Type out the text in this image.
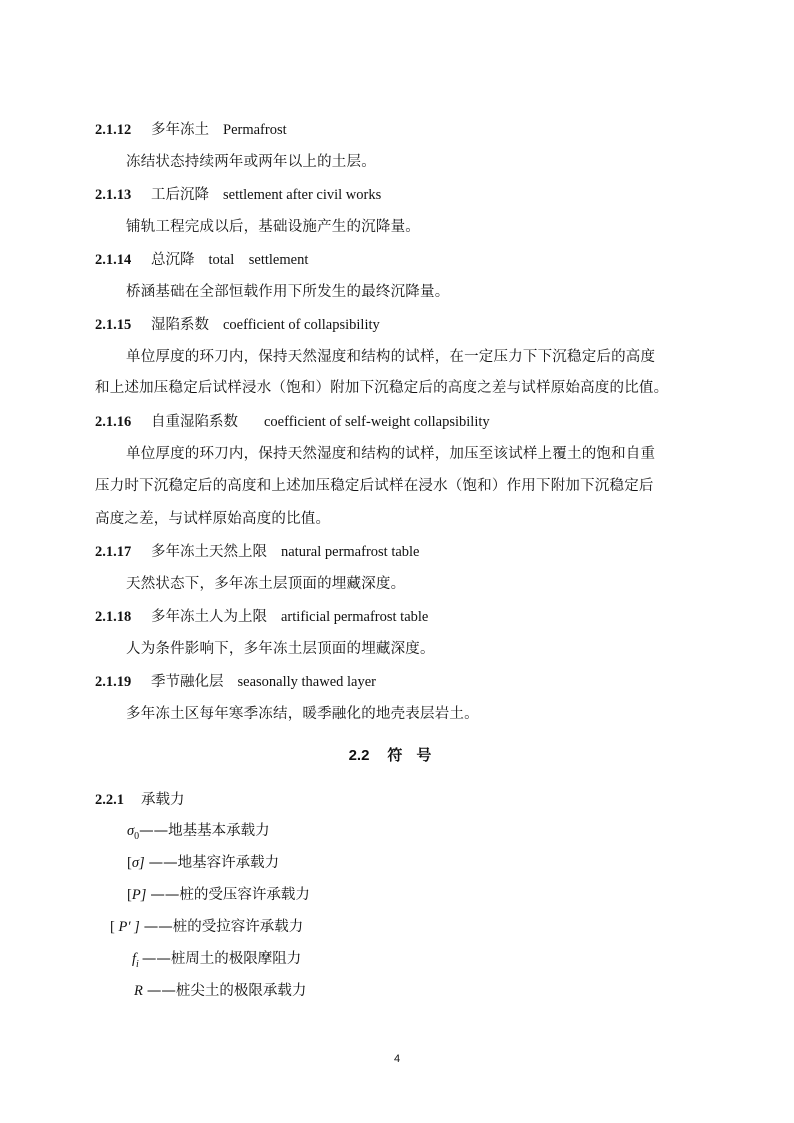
2.1.12 多年冻土 Permafrost
冻结状态持续两年或两年以上的土层。
2.1.13 工后沉降 settlement after civil works
铺轨工程完成以后，基础设施产生的沉降量。
2.1.14 总沉降 total　settlement
桥涵基础在全部恒载作用下所发生的最终沉降量。
2.1.15 湿陷系数 coefficient of collapsibility
单位厚度的环刀内，保持天然湿度和结构的试样，在一定压力下下沉稳定后的高度
和上述加压稳定后试样浸水（饱和）附加下沉稳定后的高度之差与试样原始高度的比值。
2.1.16 自重湿陷系数 coefficient of self-weight collapsibility
单位厚度的环刀内，保持天然湿度和结构的试样，加压至该试样上覆土的饱和自重
压力时下沉稳定后的高度和上述加压稳定后试样在浸水（饱和）作用下附加下沉稳定后
高度之差，与试样原始高度的比值。
2.1.17 多年冻土天然上限 natural permafrost table
天然状态下，多年冻土层顶面的埋藏深度。
2.1.18 多年冻土人为上限 artificial permafrost table
人为条件影响下，多年冻土层顶面的埋藏深度。
2.1.19 季节融化层 seasonally thawed layer
多年冻土区每年寒季冻结，暖季融化的地壳表层岩土。
2.2 符号
2.2.1 承载力
$\sigma_0——$地基基本承载力
[σ] ——地基容许承载力
[P] ——桩的受压容许承载力
[ P′ ] ——桩的受拉容许承载力
$f_i$ ——桩周土的极限摩阻力
R ——桩尖土的极限承载力
4
